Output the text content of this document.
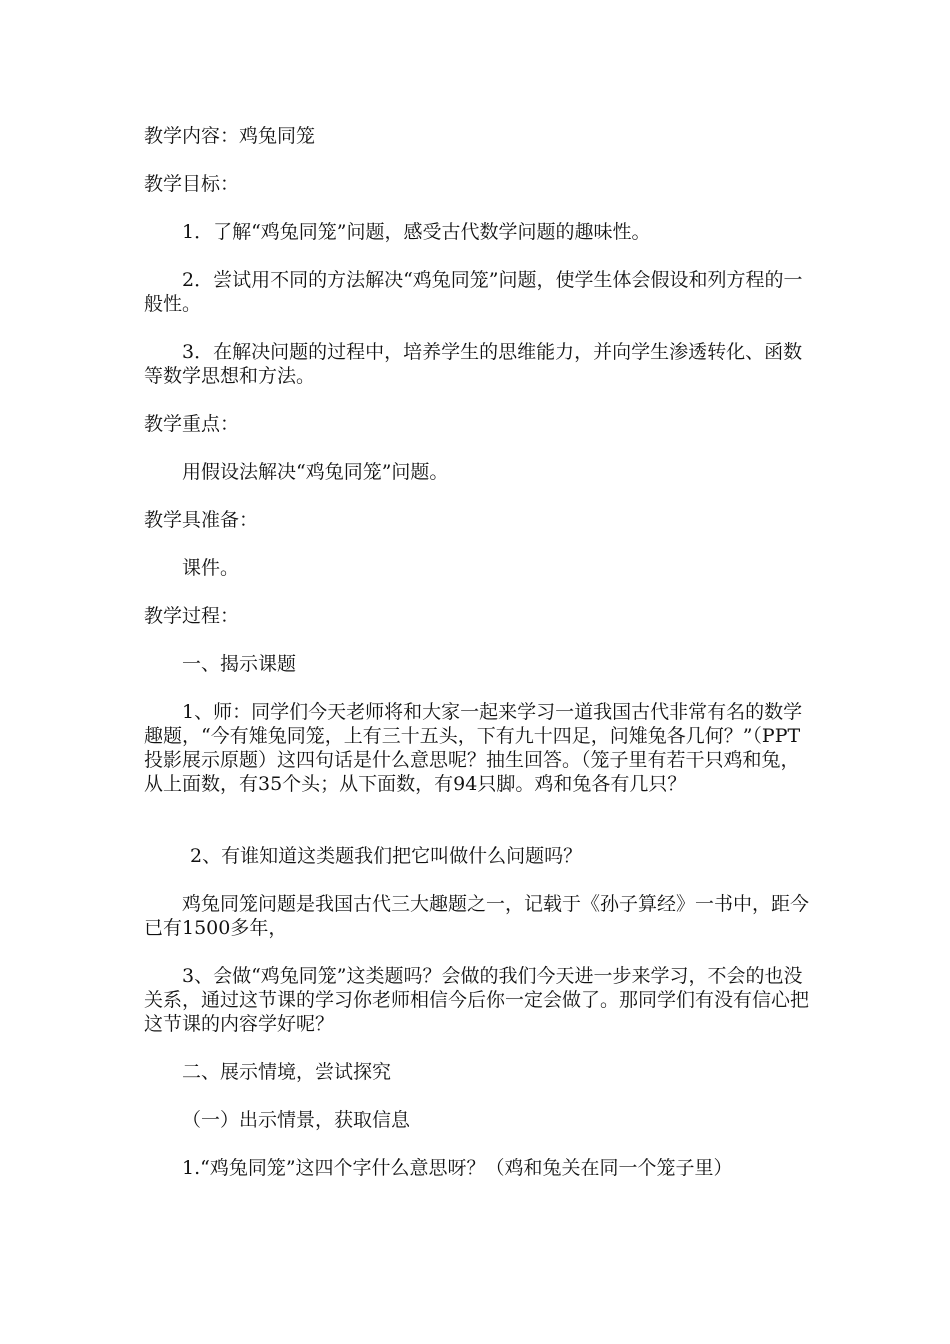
教学内容：鸡兔同笼

教学目标：

1．了解“鸡兔同笼”问题，感受古代数学问题的趣味性。

2．尝试用不同的方法解决“鸡兔同笼”问题，使学生体会假设和列方程的一般性。

3．在解决问题的过程中，培养学生的思维能力，并向学生渗透转化、函数等数学思想和方法。

教学重点：

用假设法解决“鸡兔同笼”问题。

教学具准备：

课件。

教学过程：

一、揭示课题

1、师：同学们今天老师将和大家一起来学习一道我国古代非常有名的数学趣题，“今有雉兔同笼，上有三十五头，下有九十四足，问雉兔各几何？”（PPT投影展示原题）这四句话是什么意思呢？抽生回答。（笼子里有若干只鸡和兔，从上面数，有35个头；从下面数，有94只脚。鸡和兔各有几只？

2、有谁知道这类题我们把它叫做什么问题吗？

鸡兔同笼问题是我国古代三大趣题之一，记载于《孙子算经》一书中，距今已有1500多年，

3、会做“鸡兔同笼”这类题吗？会做的我们今天进一步来学习，不会的也没关系，通过这节课的学习你老师相信今后你一定会做了。那同学们有没有信心把这节课的内容学好呢？

二、展示情境，尝试探究

（一）出示情景，获取信息

1.“鸡兔同笼”这四个字什么意思呀？（鸡和兔关在同一个笼子里）
